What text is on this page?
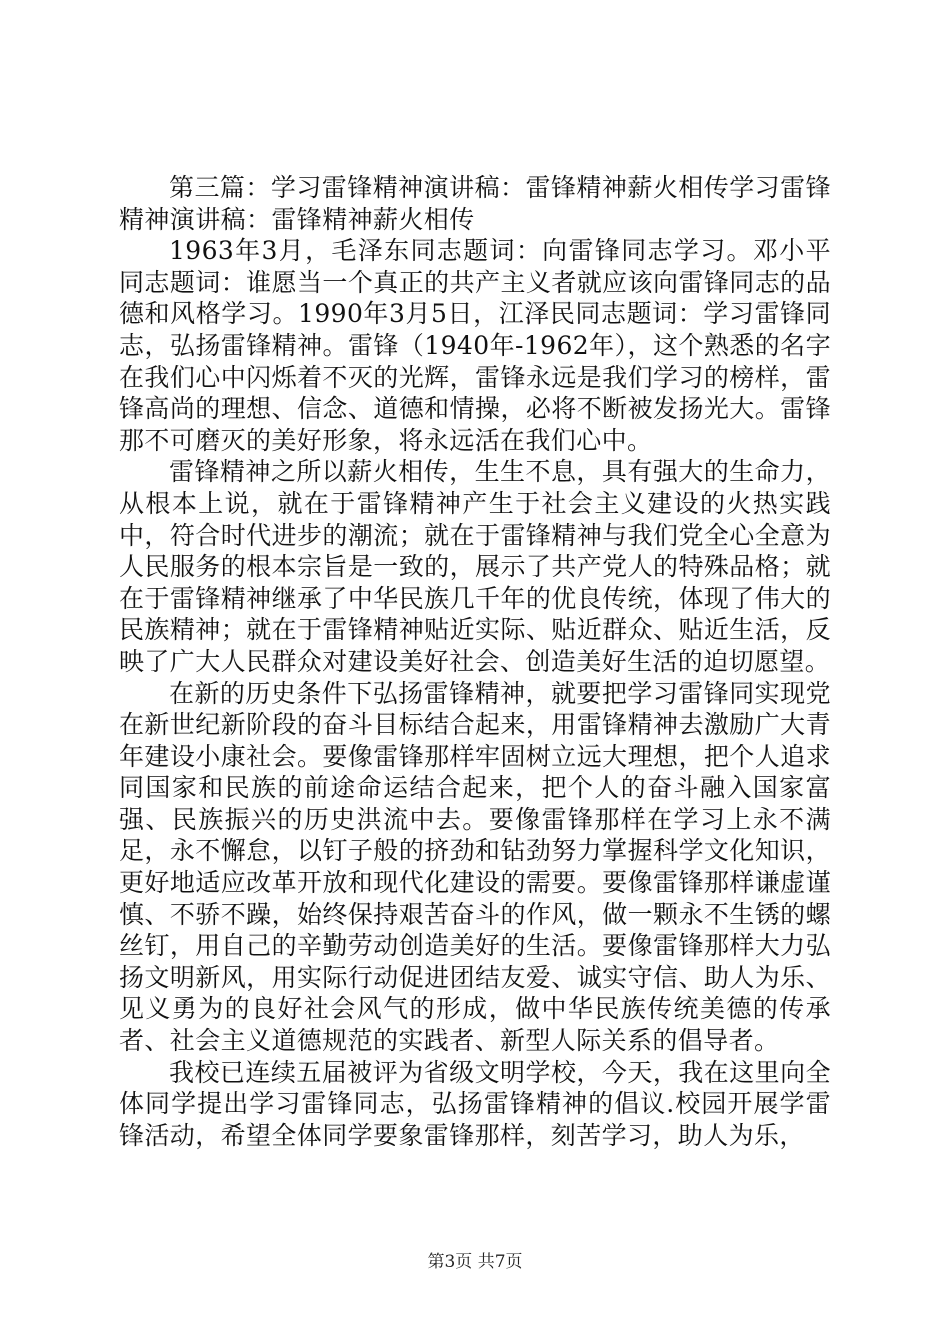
第三篇：学习雷锋精神演讲稿：雷锋精神薪火相传学习雷锋精神演讲稿：雷锋精神薪火相传

1963年3月，毛泽东同志题词：向雷锋同志学习。邓小平同志题词：谁愿当一个真正的共产主义者就应该向雷锋同志的品德和风格学习。1990年3月5日，江泽民同志题词：学习雷锋同志，弘扬雷锋精神。雷锋（1940年-1962年），这个熟悉的名字在我们心中闪烁着不灭的光辉，雷锋永远是我们学习的榜样，雷锋高尚的理想、信念、道德和情操，必将不断被发扬光大。雷锋那不可磨灭的美好形象，将永远活在我们心中。

雷锋精神之所以薪火相传，生生不息，具有强大的生命力，从根本上说，就在于雷锋精神产生于社会主义建设的火热实践中，符合时代进步的潮流；就在于雷锋精神与我们党全心全意为人民服务的根本宗旨是一致的，展示了共产党人的特殊品格；就在于雷锋精神继承了中华民族几千年的优良传统，体现了伟大的民族精神；就在于雷锋精神贴近实际、贴近群众、贴近生活，反映了广大人民群众对建设美好社会、创造美好生活的迫切愿望。

在新的历史条件下弘扬雷锋精神，就要把学习雷锋同实现党在新世纪新阶段的奋斗目标结合起来，用雷锋精神去激励广大青年建设小康社会。要像雷锋那样牢固树立远大理想，把个人追求同国家和民族的前途命运结合起来，把个人的奋斗融入国家富强、民族振兴的历史洪流中去。要像雷锋那样在学习上永不满足，永不懈怠，以钉子般的挤劲和钻劲努力掌握科学文化知识，更好地适应改革开放和现代化建设的需要。要像雷锋那样谦虚谨慎、不骄不躁，始终保持艰苦奋斗的作风，做一颗永不生锈的螺丝钉，用自己的辛勤劳动创造美好的生活。要像雷锋那样大力弘扬文明新风，用实际行动促进团结友爱、诚实守信、助人为乐、见义勇为的良好社会风气的形成，做中华民族传统美德的传承者、社会主义道德规范的实践者、新型人际关系的倡导者。

我校已连续五届被评为省级文明学校，今天，我在这里向全体同学提出学习雷锋同志，弘扬雷锋精神的倡议.校园开展学雷锋活动，希望全体同学要象雷锋那样，刻苦学习，助人为乐，

第3页 共7页
